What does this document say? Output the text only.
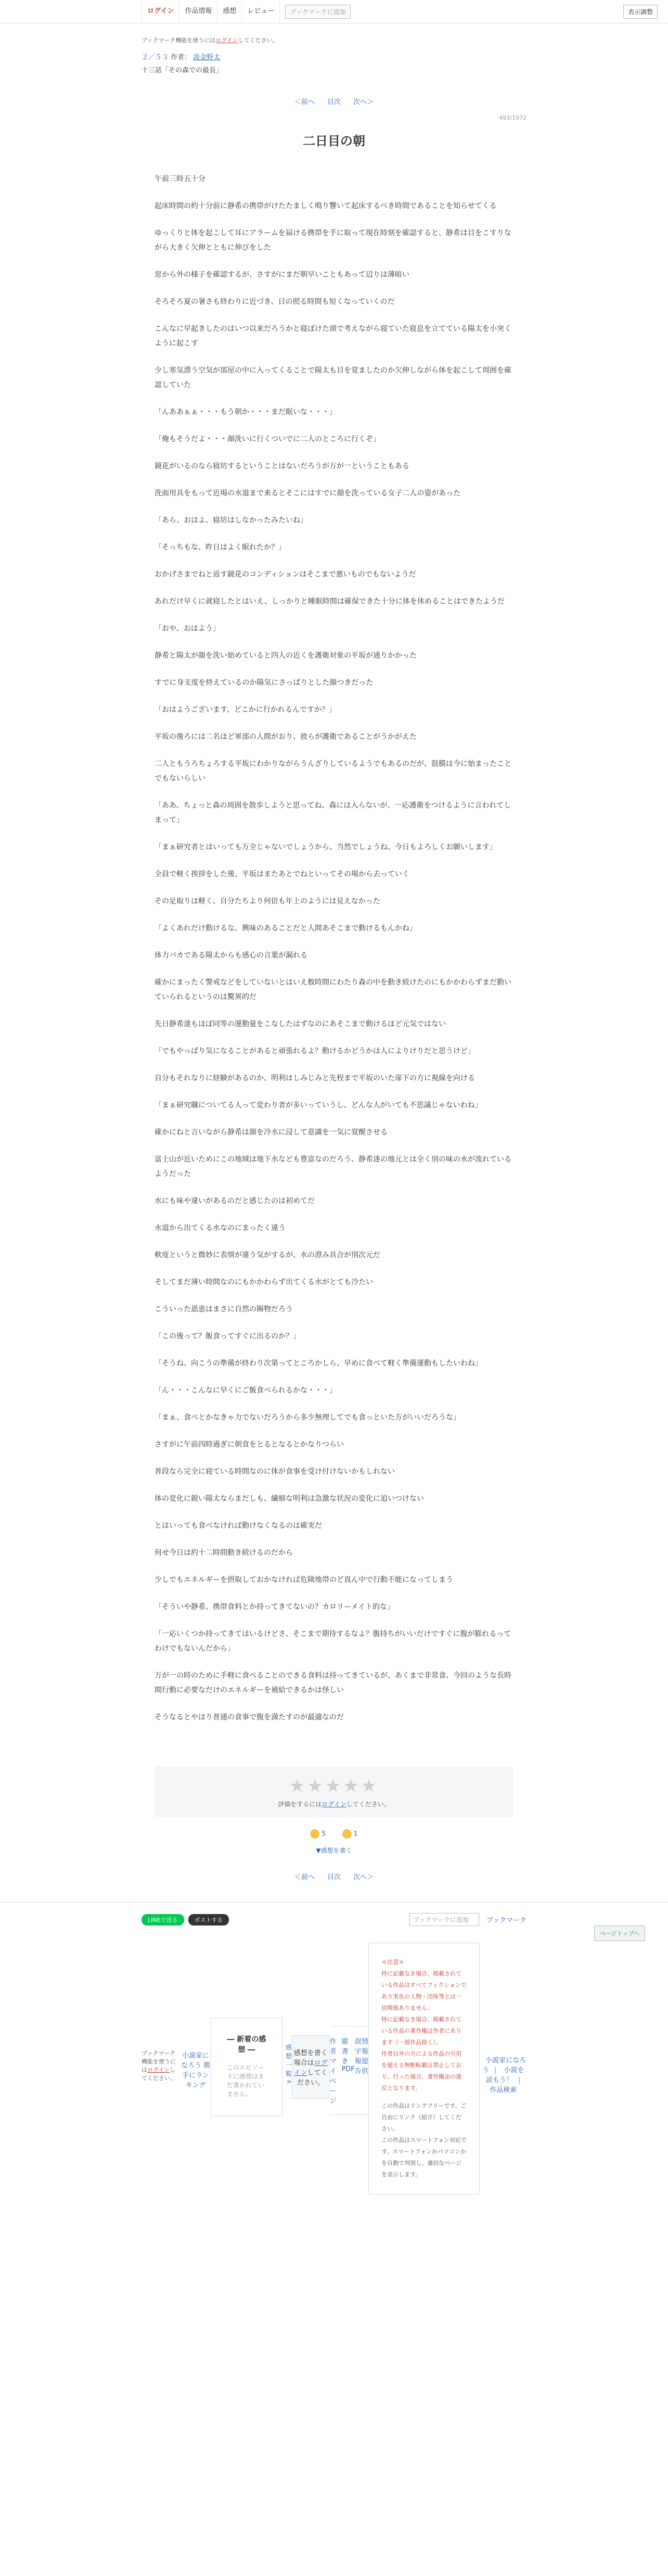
ログイン	作品情報	感想	レビュー	ブックマークに追加	表示調整
ブックマーク機能を使うにはログインしてください。
２／５３ 作者： 汲金野太
十三話「その森での最長」
＜前へ 目次 次へ＞
493/1072
二日目の朝

午前三時五十分

起床時間の約十分前に静希の携帯がけたたましく鳴り響いて起床するべき時間であることを知らせてくる

ゆっくりと体を起こして耳にアラームを届ける携帯を手に取って現在時刻を確認すると、静希は目をこすりながら大きく欠伸とともに伸びをした

窓から外の様子を確認するが、さすがにまだ朝早いこともあって辺りは薄暗い

そろそろ夏の暑さも終わりに近づき、日の照る時間も短くなっていくのだ

こんなに早起きしたのはいつ以来だろうかと寝ぼけた頭で考えながら寝ていた寝息を立てている陽太を小突くように起こす

少し寒気漂う空気が部屋の中に入ってくることで陽太も目を覚ましたのか欠伸しながら体を起こして周囲を確認していた

「んああぁぁ・・・もう朝か・・・まだ眠いな・・・」

「俺もそうだよ・・・顔洗いに行くついでに二人のところに行くぞ」

鏡花がいるのなら寝坊するということはないだろうが万が一ということもある

洗面用具をもって近場の水道まで来るとそこにはすでに顔を洗っている女子二人の姿があった

「あら、おはよ、寝坊はしなかったみたいね」

「そっちもな、昨日はよく眠れたか？」

おかげさまでねと返す鏡花のコンディションはそこまで悪いものでもないようだ

あれだけ早くに就寝したとはいえ、しっかりと睡眠時間は確保できた十分に体を休めることはできたようだ

「おや、おはよう」

静希と陽太が顔を洗い始めていると四人の近くを護衛対象の平坂が通りかかった

すでに身支度を終えているのか陽気にさっぱりとした顔つきだった

「おはようございます、どこかに行かれるんですか？」

平坂の後ろには二名ほど軍部の人間がおり、彼らが護衛であることがうかがえた

二人ともうろちょろする平坂にわかりながらうんざりしているようでもあるのだが、鼓膜は今に始まったことでもないらしい

「ああ、ちょっと森の周囲を散歩しようと思ってね、森には入らないが、一応護衛をつけるように言われてしまって」

「まぁ研究者とはいっても万全じゃないでしょうから、当然でしょうね、今日もよろしくお願いします」

全員で軽く挨拶をした後、平坂はまたあとでねといってその場から去っていく

その足取りは軽く、自分たちより何倍も年上のようには見えなかった

「よくあれだけ動けるな、興味のあることだと人間あそこまで動けるもんかね」

体力バカである陽太からも感心の言葉が漏れる

確かにまったく警戒などをしていないとはいえ数時間にわたり森の中を動き続けたのにもかかわらずまだ動いていられるというのは驚異的だ

先日静希達もほぼ同等の運動量をこなしたはずなのにあそこまで動けるほど元気ではない

「でもやっぱり気になることがあると頑張れるよ？動けるかどうかは人によりけりだと思うけど」

自分もそれなりに経験があるのか、明利はしみじみと先程まで平坂のいた扉下の方に視線を向ける

「まぁ研究職についてる人って変わり者が多いっていうし、どんな人がいても不思議じゃないわね」

確かにねと言いながら静希は顔を冷水に浸して意識を一気に覚醒させる

富士山が近いためにこの地域は地下水なども豊富なのだろう、静希達の地元とは全く別の味の水が流れているようだった

水にも味や違いがあるのだと感じたのは初めてだ

水道から出てくる水なのにまったく違う

軟度というと微妙に表情が違う気がするが、水の澄み具合が別次元だ

そしてまだ薄い時間なのにもかかわらず出てくる水がとても冷たい

こういった恩恵はまさに自然の賜物だろう

「この後って？飯食ってすぐに出るのか？」

「そうね、向こうの準備が終わり次第ってところかしら、早めに食べて軽く準備運動もしたいわね」

「ん・・・こんなに早くにご飯食べられるかな・・・」

「まぁ、食べとかなきゃ力でないだろうから多少無理してでも食っといた方がいいだろうな」

さすがに午前四時過ぎに朝食をとるとなるとかなりつらい

普段なら完全に寝ている時間なのに体が食事を受け付けないかもしれない

体の変化に鋭い陽太ならまだしも、繊細な明利は急激な状況の変化に追いつけない

とはいっても食べなければ動けなくなるのは確実だ

何せ今日は約十二時間動き続けるのだから

少しでもエネルギーを摂取しておかなければ危険地帯のど真ん中で行動不能になってしまう

「そういや静希、携帯食料とか持ってきてないの？カロリーメイト的な」

「一応いくつか持ってきてはいるけどさ、そこまで期待するなよ？腹持ちがいいだけですぐに腹が膨れるってわけでもないんだから」

万が一の時のために手軽に食べることのできる食料は持ってきているが、あくまで非常食、今回のような長時間行動に必要なだけのエネルギーを補給できるかは怪しい

そうなるとやはり普通の食事で腹を満たすのが最適なのだ

★★★★★
評価をするにはログインしてください。
5	1
▼感想を書く
＜前へ 目次 次へ＞
LINEで送る	ポストする	ブックマークに追加	ブックマーク
ブックマーク機能を使うにはログインしてください。
小説家になろう 勝手にランキング
― 新着の感想 ―
このエピソードに感想はまだ書かれていません。
感想一覧 >
感想を書く場合はログインしてください。
作者マイページ
縦書きPDF
誤字報告
情報提供
＊注意＊
特に記載なき場合、掲載されている作品はすべてフィクションであり実在の人物・団体等とは一切関係ありません。
特に記載なき場合、掲載されている作品の著作権は作者にあります（一部作品除く）。
作者以外の方による作品の引用を超える無断転載は禁止しており、行った場合、著作権法の違反となります。
この作品はリンクフリーです。ご自由にリンク（紹介）してください。
この作品はスマートフォン対応です。スマートフォンかパソコンかを自動で判別し、適切なページを表示します。
小説家になろう | 小説を読もう！ | 作品検索
ページトップへ
